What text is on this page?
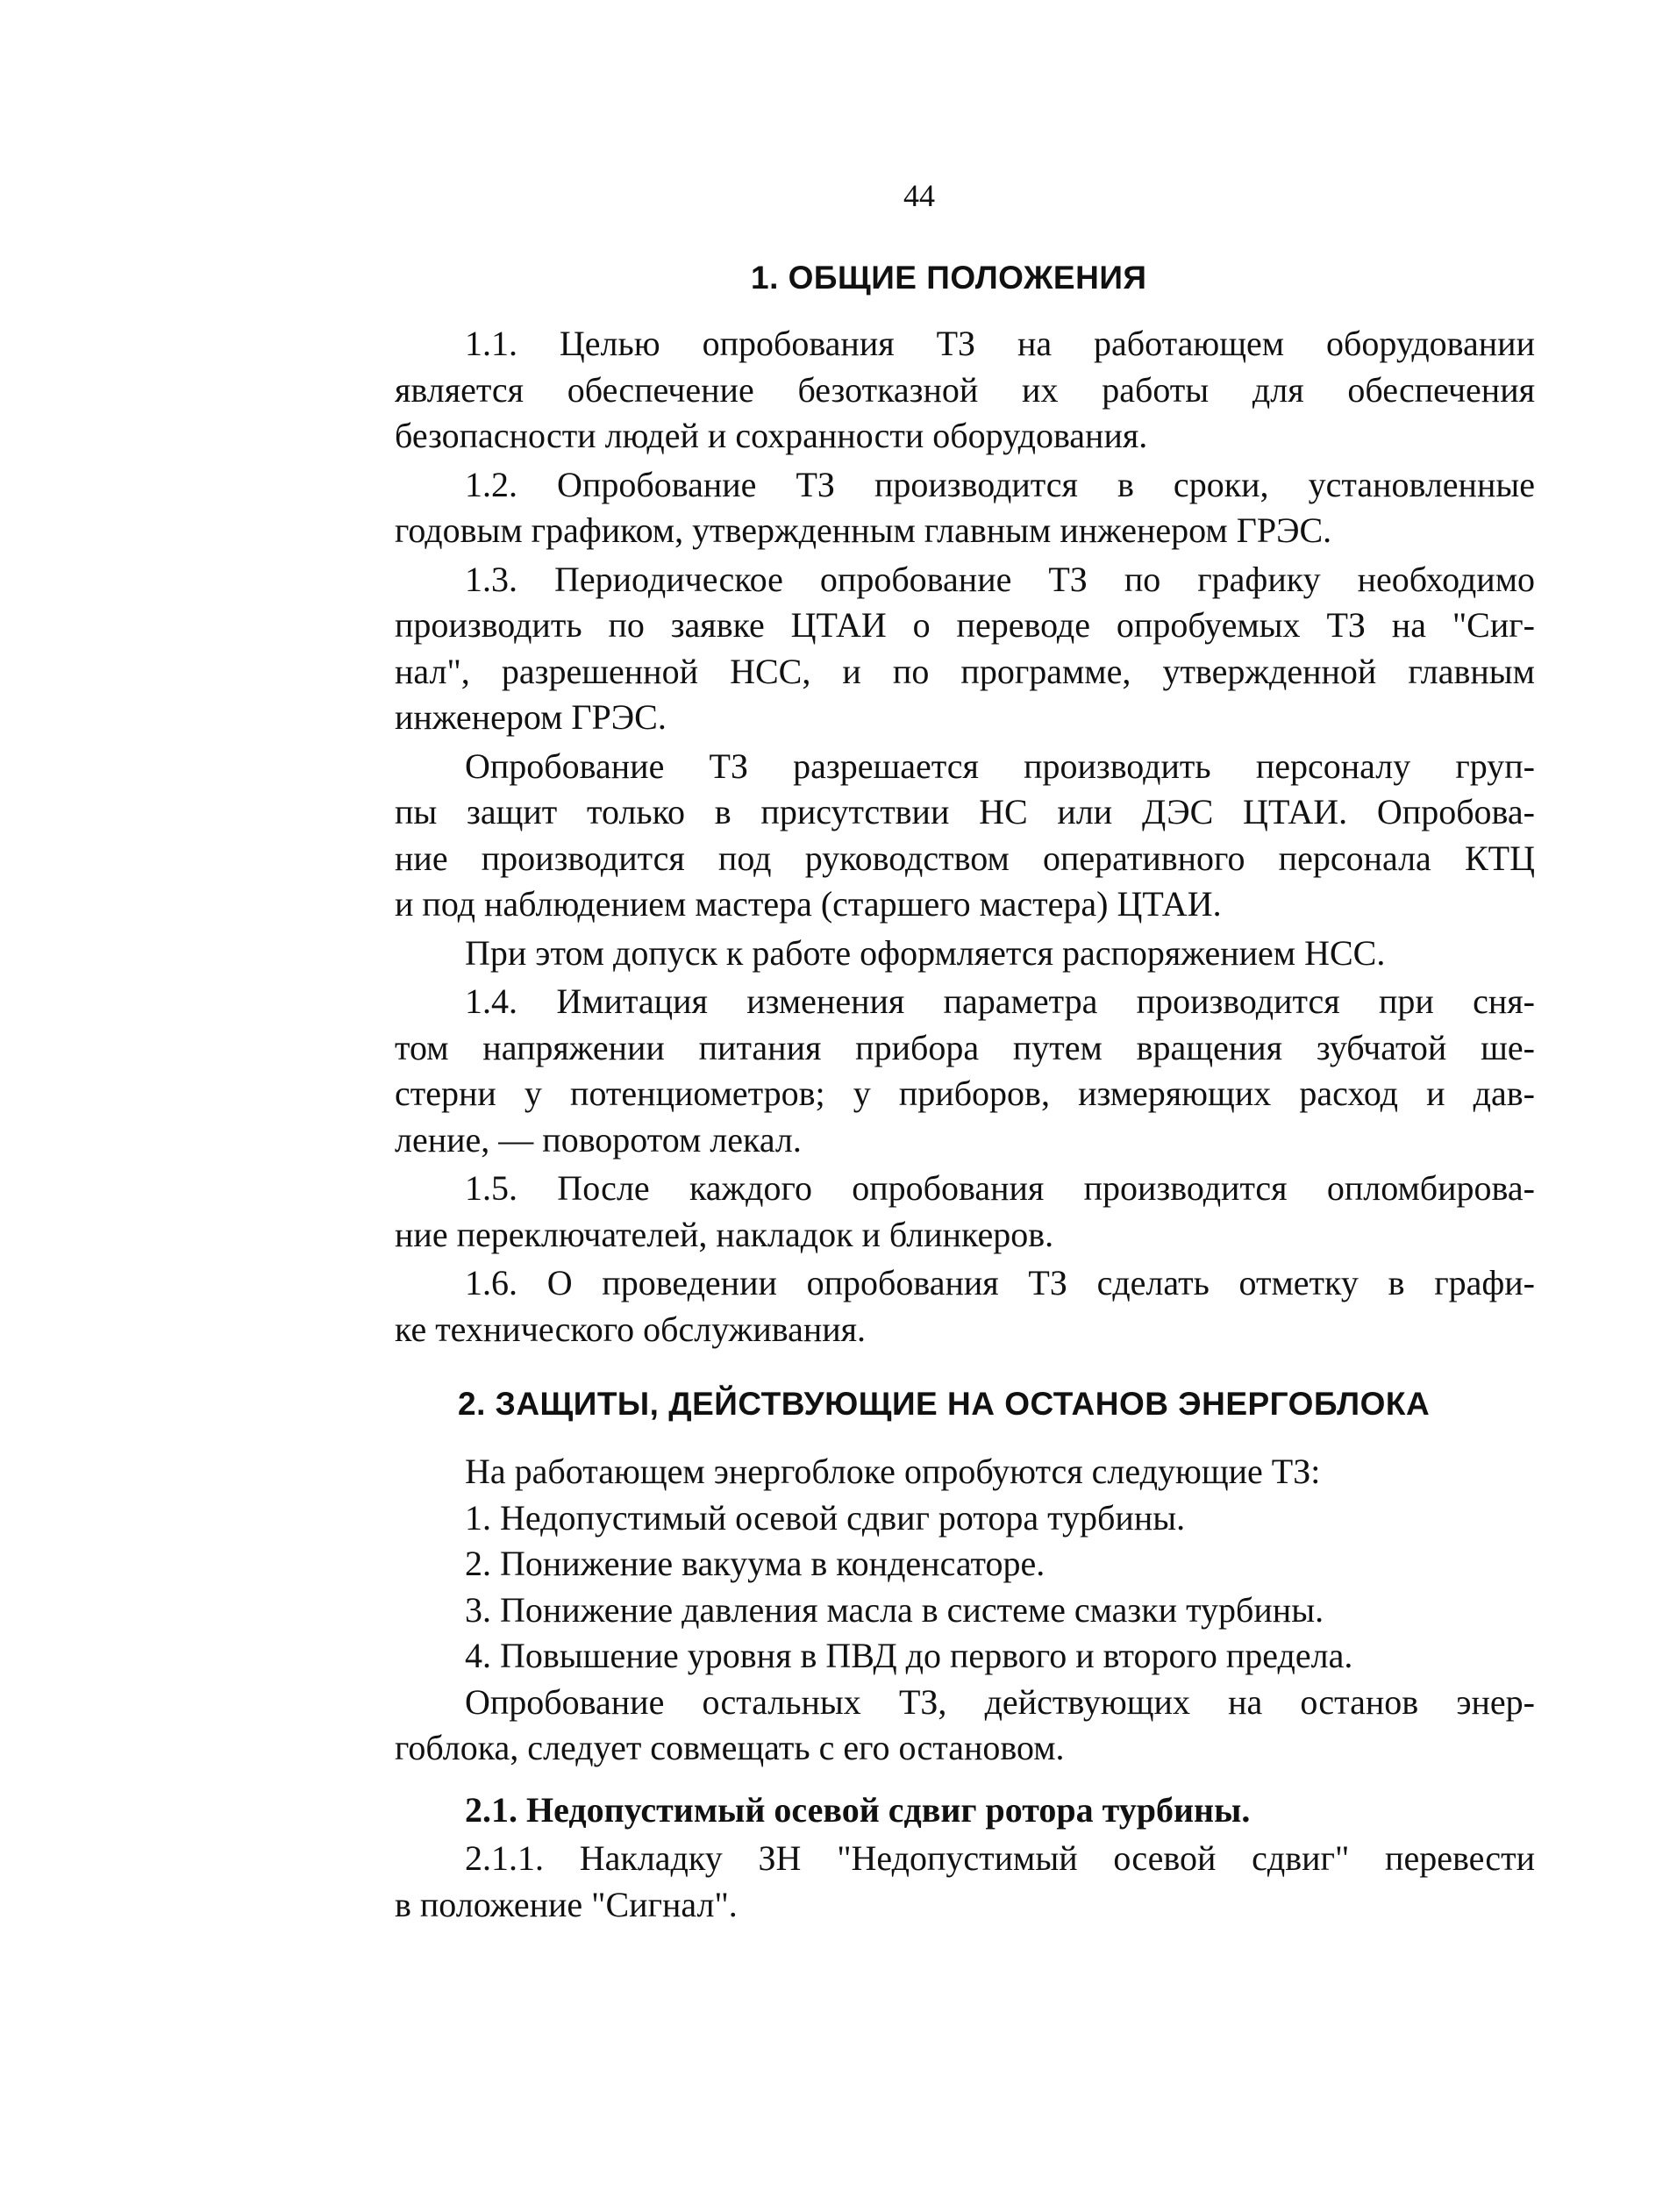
44
1. ОБЩИЕ ПОЛОЖЕНИЯ
1.1. Целью опробования ТЗ на работающем оборудовании
является обеспечение безотказной их работы для обеспечения
безопасности людей и сохранности оборудования.
1.2. Опробование ТЗ производится в сроки, установленные
годовым графиком, утвержденным главным инженером ГРЭС.
1.3. Периодическое опробование ТЗ по графику необходимо
производить по заявке ЦТАИ о переводе опробуемых ТЗ на "Сиг-
нал", разрешенной НСС, и по программе, утвержденной главным
инженером ГРЭС.
Опробование ТЗ разрешается производить персоналу груп-
пы защит только в присутствии НС или ДЭС ЦТАИ. Опробова-
ние производится под руководством оперативного персонала КТЦ
и под наблюдением мастера (старшего мастера) ЦТАИ.
При этом допуск к работе оформляется распоряжением НСС.
1.4. Имитация изменения параметра производится при сня-
том напряжении питания прибора путем вращения зубчатой ше-
стерни у потенциометров; у приборов, измеряющих расход и дав-
ление, — поворотом лекал.
1.5. После каждого опробования производится опломбирова-
ние переключателей, накладок и блинкеров.
1.6. О проведении опробования ТЗ сделать отметку в графи-
ке технического обслуживания.
2. ЗАЩИТЫ, ДЕЙСТВУЮЩИЕ НА ОСТАНОВ ЭНЕРГОБЛОКА
На работающем энергоблоке опробуются следующие ТЗ:
1. Недопустимый осевой сдвиг ротора турбины.
2. Понижение вакуума в конденсаторе.
3. Понижение давления масла в системе смазки турбины.
4. Повышение уровня в ПВД до первого и второго предела.
Опробование остальных ТЗ, действующих на останов энер-
гоблока, следует совмещать с его остановом.
2.1. Недопустимый осевой сдвиг ротора турбины.
2.1.1. Накладку ЗН "Недопустимый осевой сдвиг" перевести
в положение "Сигнал".
